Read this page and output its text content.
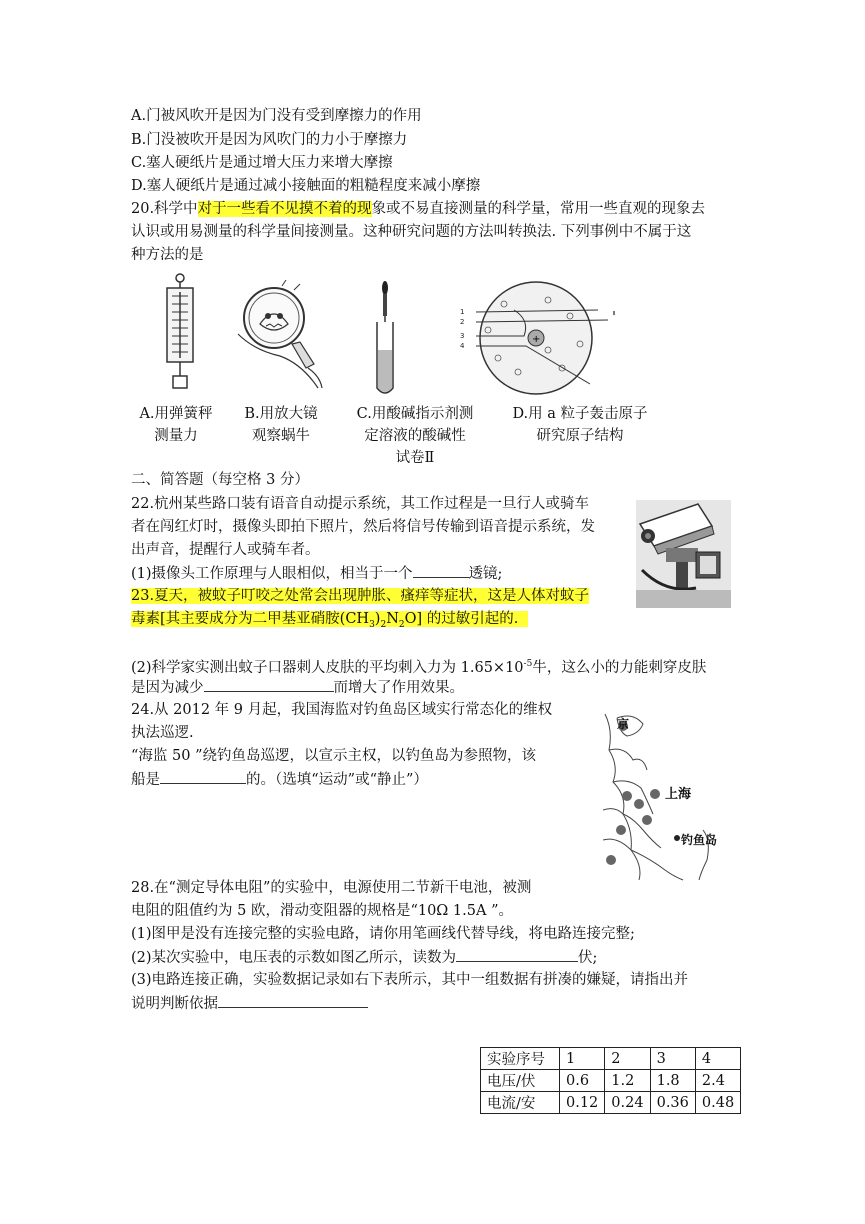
A.门被风吹开是因为门没有受到摩擦力的作用
B.门没被吹开是因为风吹门的力小于摩擦力
C.塞人硬纸片是通过增大压力来增大摩擦
D.塞人硬纸片是通过减小接触面的粗糙程度来减小摩擦
20.科学中对于一些看不见摸不着的现象或不易直接测量的科学量，常用一些直观的现象去
认识或用易测量的科学量间接测量。这种研究问题的方法叫转换法. 下列事例中不属于这
种方法的是
+
1
2
3
4
'
A.用弹簧秤
测量力
B.用放大镜
观察蜗牛
C.用酸碱指示剂测
定溶液的酸碱性
试卷Ⅱ
D.用 a 粒子轰击原子
研究原子结构
二、简答题（每空格 3 分）
22.杭州某些路口装有语音自动提示系统，其工作过程是一旦行人或骑车
者在闯红灯时，摄像头即拍下照片，然后将信号传输到语音提示系统，发
出声音，提醒行人或骑车者。
(1)摄像头工作原理与人眼相似，相当于一个	透镜;
23.夏天，被蚊子叮咬之处常会出现肿胀、瘙痒等症状，这是人体对蚊子
毒素[其主要成分为二甲基亚硝胺$(CH_3)_2N_2O$] 的过敏引起的.
(2)科学家实测出蚊子口器刺人皮肤的平均刺入力为 $1.65\times 10^{-5}$牛，这么小的力能刺穿皮肤
是因为减少	而增大了作用效果。
24.从 2012 年 9 月起，我国海监对钓鱼岛区域实行常态化的维权
执法巡逻.
“海监 50 ”绕钓鱼岛巡逻，以宣示主权，以钓鱼岛为参照物，该
船是	的。（选填“运动”或“静止”）
京
上海
钓鱼岛
28.在“测定导体电阻”的实验中，电源使用二节新干电池，被测
电阻的阻值约为 5 欧，滑动变阻器的规格是“10Ω 1.5A ”。
(1)图甲是没有连接完整的实验电路，请你用笔画线代替导线，将电路连接完整;
(2)某次实验中，电压表的示数如图乙所示，读数为	伏;
(3)电路连接正确，实验数据记录如右下表所示，其中一组数据有拼凑的嫌疑，请指出并
说明判断依据
实验序号	1	2	3	4
电压/伏	0.6	1.2	1.8	2.4
电流/安	0.12	0.24	0.36	0.48
